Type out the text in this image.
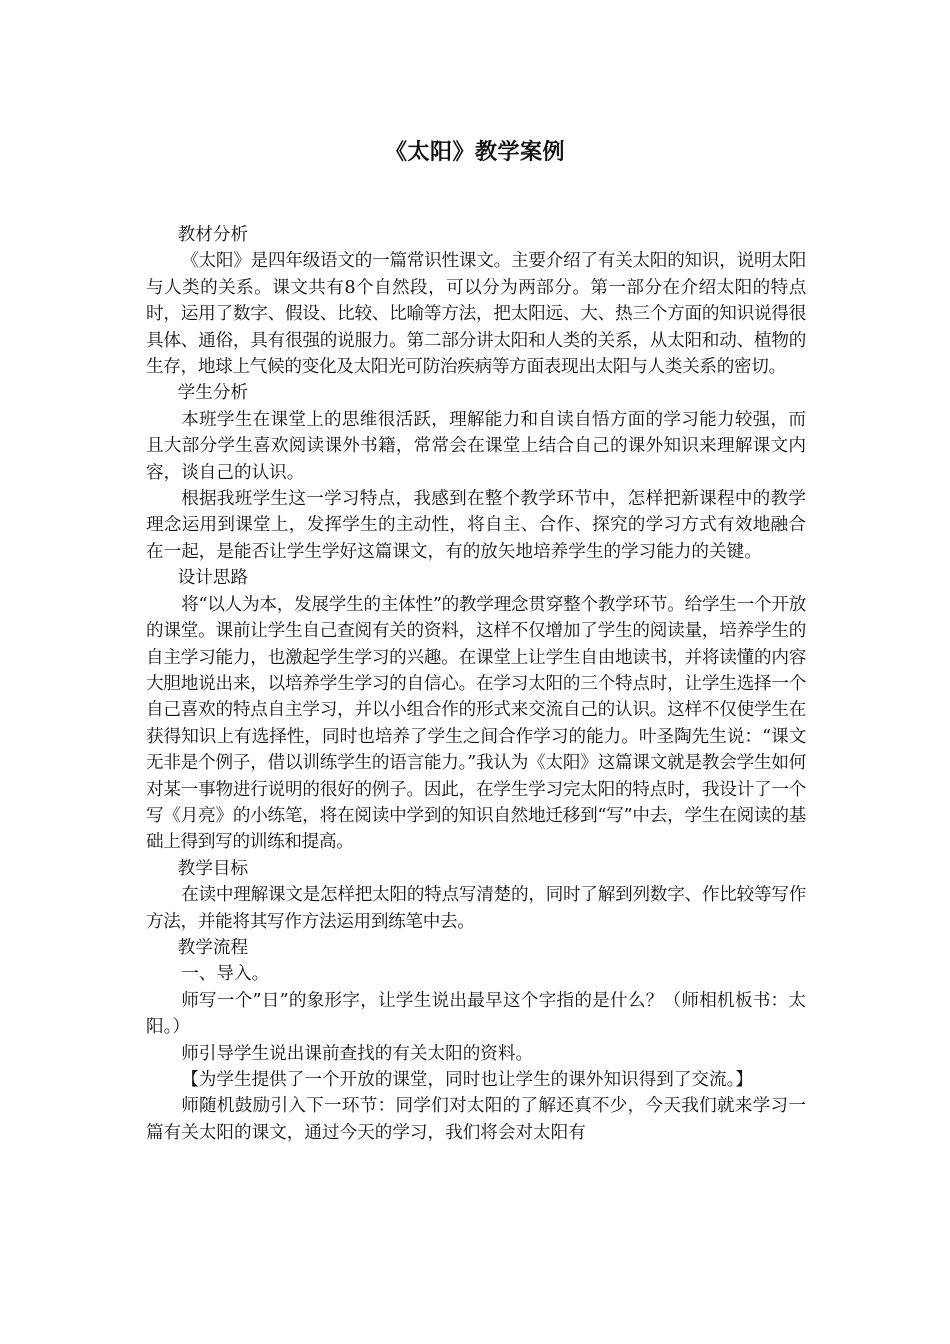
《太阳》教学案例

教材分析

《太阳》是四年级语文的一篇常识性课文。主要介绍了有关太阳的知识，说明太阳与人类的关系。课文共有8个自然段，可以分为两部分。第一部分在介绍太阳的特点时，运用了数字、假设、比较、比喻等方法，把太阳远、大、热三个方面的知识说得很具体、通俗，具有很强的说服力。第二部分讲太阳和人类的关系，从太阳和动、植物的生存，地球上气候的变化及太阳光可防治疾病等方面表现出太阳与人类关系的密切。

学生分析

本班学生在课堂上的思维很活跃，理解能力和自读自悟方面的学习能力较强，而且大部分学生喜欢阅读课外书籍，常常会在课堂上结合自己的课外知识来理解课文内容，谈自己的认识。

根据我班学生这一学习特点，我感到在整个教学环节中，怎样把新课程中的教学理念运用到课堂上，发挥学生的主动性，将自主、合作、探究的学习方式有效地融合在一起，是能否让学生学好这篇课文，有的放矢地培养学生的学习能力的关键。

设计思路

将“以人为本，发展学生的主体性”的教学理念贯穿整个教学环节。给学生一个开放的课堂。课前让学生自己查阅有关的资料，这样不仅增加了学生的阅读量，培养学生的自主学习能力，也激起学生学习的兴趣。在课堂上让学生自由地读书，并将读懂的内容大胆地说出来，以培养学生学习的自信心。在学习太阳的三个特点时，让学生选择一个自己喜欢的特点自主学习，并以小组合作的形式来交流自己的认识。这样不仅使学生在获得知识上有选择性，同时也培养了学生之间合作学习的能力。叶圣陶先生说：“课文无非是个例子，借以训练学生的语言能力。”我认为《太阳》这篇课文就是教会学生如何对某一事物进行说明的很好的例子。因此，在学生学习完太阳的特点时，我设计了一个写《月亮》的小练笔，将在阅读中学到的知识自然地迁移到“写”中去，学生在阅读的基础上得到写的训练和提高。

教学目标

在读中理解课文是怎样把太阳的特点写清楚的，同时了解到列数字、作比较等写作方法，并能将其写作方法运用到练笔中去。

教学流程

一、导入。

师写一个”日”的象形字，让学生说出最早这个字指的是什么？（师相机板书：太阳。）

师引导学生说出课前查找的有关太阳的资料。

【为学生提供了一个开放的课堂，同时也让学生的课外知识得到了交流。】

师随机鼓励引入下一环节：同学们对太阳的了解还真不少，今天我们就来学习一篇有关太阳的课文，通过今天的学习，我们将会对太阳有
